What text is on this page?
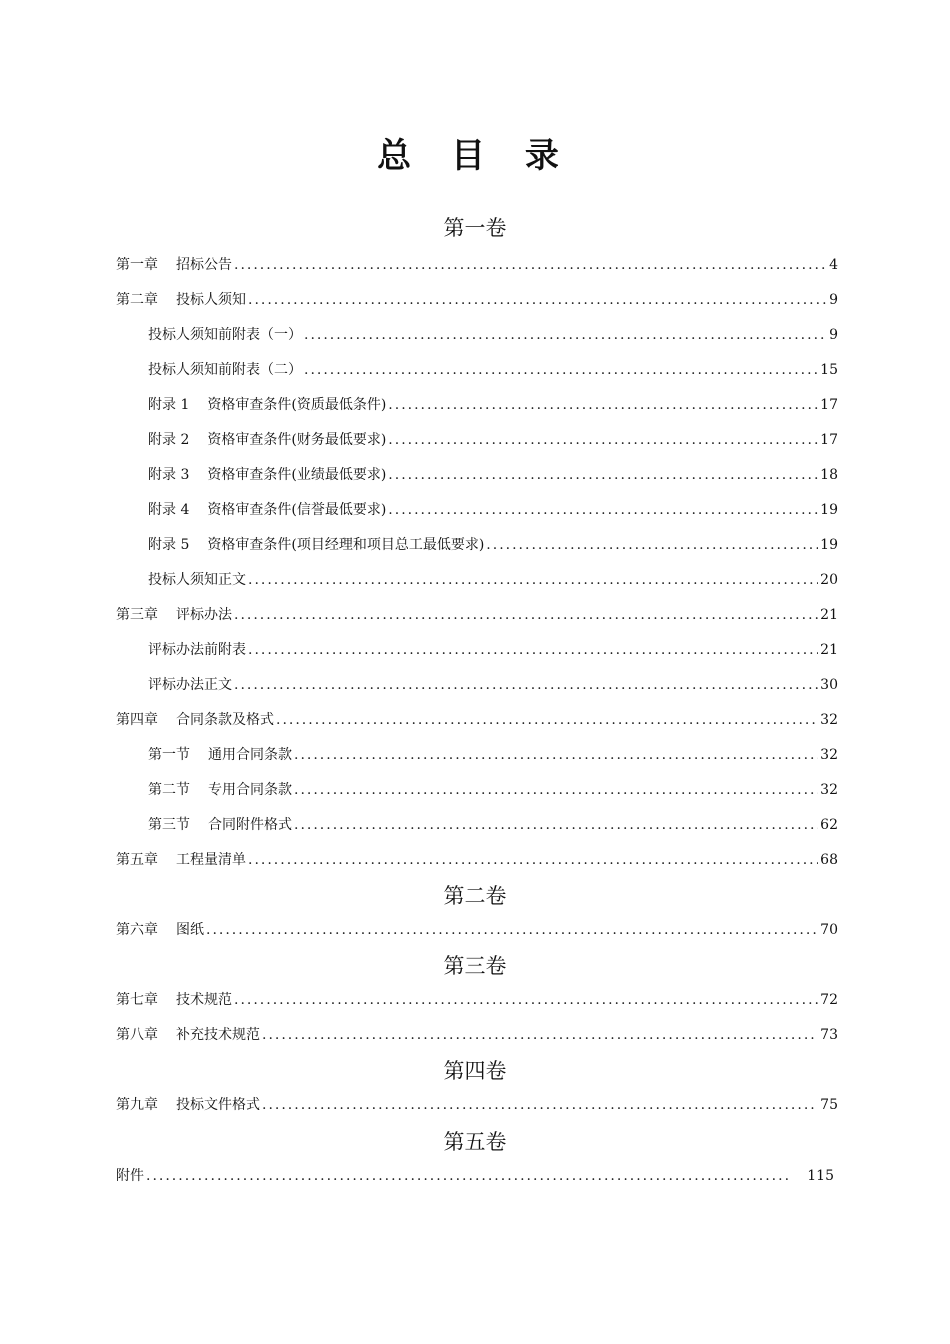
总 目 录
第一卷
第一章 招标公告 .....	4
第二章 投标人须知 .....	9
投标人须知前附表（一） .....	9
投标人须知前附表（二） .....	15
附录 1 资格审查条件(资质最低条件) .....	17
附录 2 资格审查条件(财务最低要求) .....	17
附录 3 资格审查条件(业绩最低要求) .....	18
附录 4 资格审查条件(信誉最低要求) .....	19
附录 5 资格审查条件(项目经理和项目总工最低要求) .....	19
投标人须知正文 .....	20
第三章 评标办法 .....	21
评标办法前附表 .....	21
评标办法正文 .....	30
第四章 合同条款及格式 .....	32
第一节 通用合同条款 .....	32
第二节 专用合同条款 .....	32
第三节 合同附件格式 .....	62
第五章 工程量清单 .....	68
第二卷
第六章 图纸 .....	70
第三卷
第七章 技术规范 .....	72
第八章 补充技术规范 .....	73
第四卷
第九章 投标文件格式 .....	75
第五卷
附件 .....	115
